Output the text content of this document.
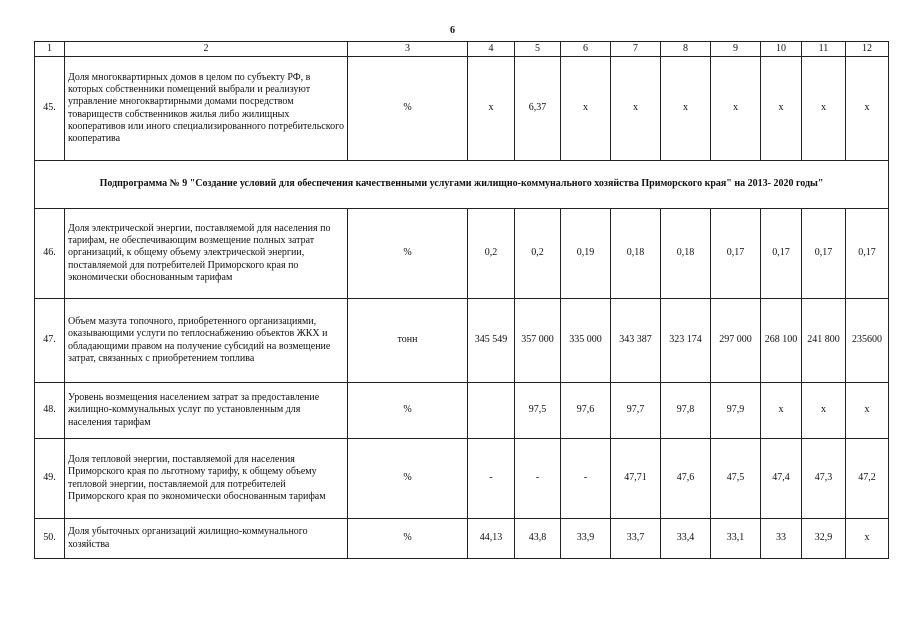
6
1	2	3	4	5	6	7	8	9	10	11	12
45.	Доля многоквартирных домов в целом по субъекту РФ, в которых собственники помещений выбрали и реализуют управление многоквартирными домами посредством товариществ собственников жилья либо жилищных кооперативов или иного специализированного потребительского кооператива	%	x	6,37	x	x	x	x	x	x	x
Подпрограмма № 9 "Создание условий для обеспечения качественными услугами жилищно-коммунального хозяйства Приморского края" на 2013- 2020 годы"											
46.	Доля электрической энергии, поставляемой для населения по тарифам, не обеспечивающим возмещение полных затрат организаций, к общему объему электрической энергии, поставляемой для потребителей Приморского края по экономически обоснованным тарифам	%	0,2	0,2	0,19	0,18	0,18	0,17	0,17	0,17	0,17
47.	Объем мазута топочного, приобретенного организациями, оказывающими услуги по теплоснабжению объектов ЖКХ и обладающими правом на получение субсидий на возмещение затрат, связанных с приобретением топлива	тонн	345 549	357 000	335 000	343 387	323 174	297 000	268 100	241 800	235600
48.	Уровень возмещения населением затрат за предоставление жилищно-коммунальных услуг по установленным для населения тарифам	%		97,5	97,6	97,7	97,8	97,9	x	x	x
49.	Доля тепловой энергии, поставляемой для населения Приморского края по льготному тарифу, к общему объему тепловой энергии, поставляемой для потребителей Приморского края по экономически обоснованным тарифам	%	-	-	-	47,71	47,6	47,5	47,4	47,3	47,2
50.	Доля убыточных организаций жилищно-коммунального хозяйства	%	44,13	43,8	33,9	33,7	33,4	33,1	33	32,9	x
